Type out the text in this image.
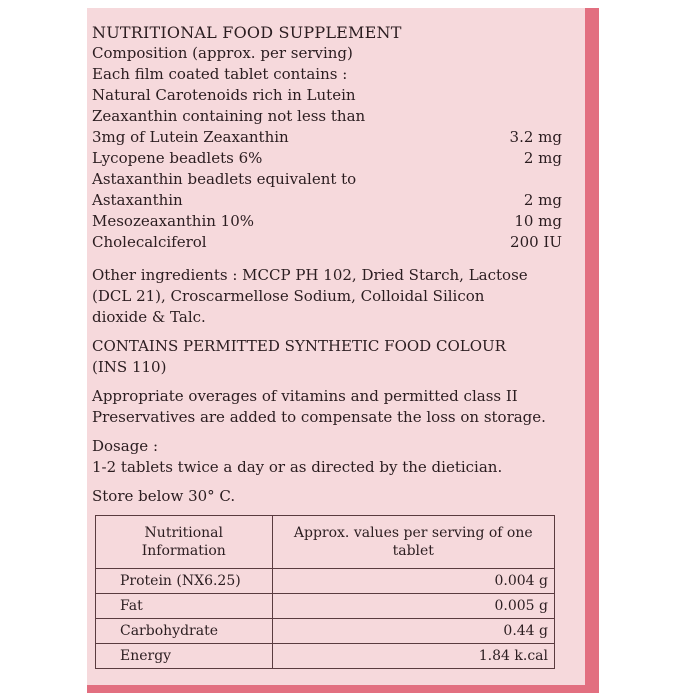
NUTRITIONAL FOOD SUPPLEMENT
Composition (approx. per serving)
Each film coated tablet contains :
Natural Carotenoids rich in Lutein
Zeaxanthin containing not less than
3mg of Lutein Zeaxanthin	3.2 mg
Lycopene beadlets 6%	2 mg
Astaxanthin beadlets equivalent to
Astaxanthin	2 mg
Mesozeaxanthin 10%	10 mg
Cholecalciferol	200 IU
Other ingredients : MCCP PH 102, Dried Starch, Lactose
(DCL 21), Croscarmellose Sodium, Colloidal Silicon
dioxide & Talc.
CONTAINS PERMITTED SYNTHETIC FOOD COLOUR
(INS 110)
Appropriate overages of vitamins and permitted class II
Preservatives are added to compensate the loss on storage.
Dosage :
1-2 tablets twice a day or as directed by the dietician.
Store below 30° C.
Nutritional Information	Approx. values per serving of one tablet
Protein (NX6.25)	0.004 g
Fat	0.005 g
Carbohydrate	0.44 g
Energy	1.84 k.cal
